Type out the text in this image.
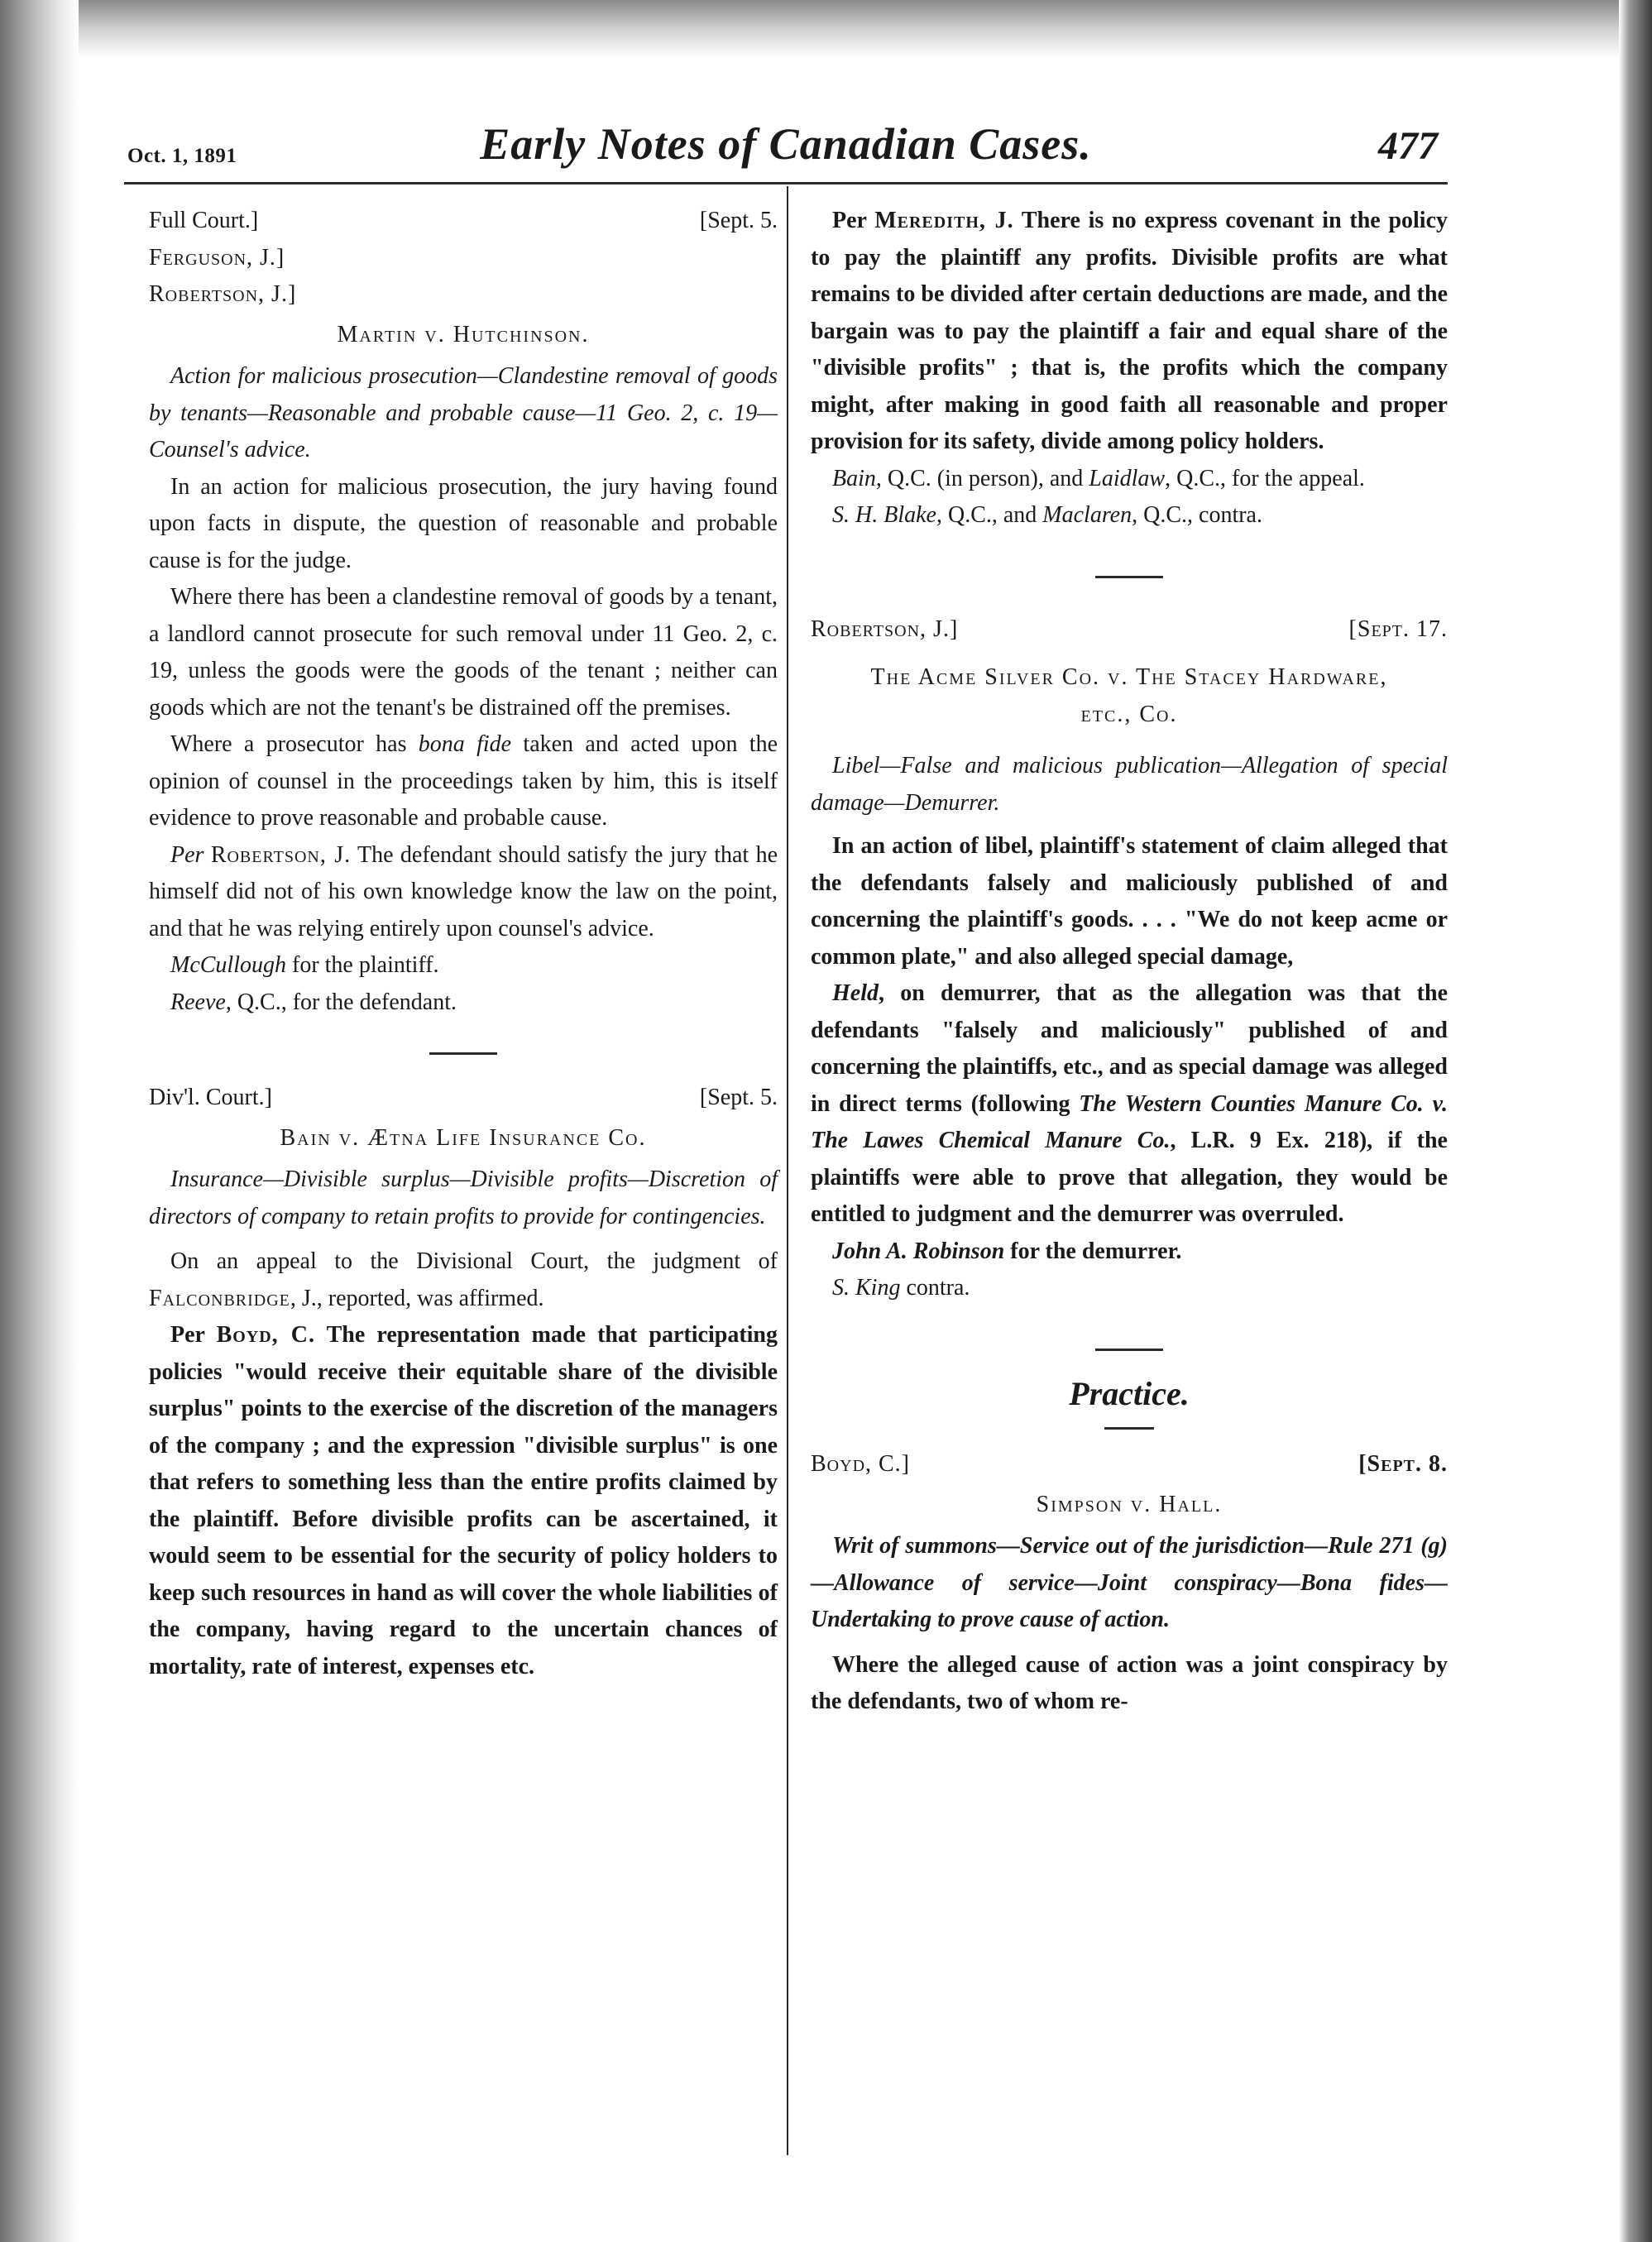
Oct. 1, 1891	Early Notes of Canadian Cases.	477
Full Court.]	[Sept. 5.
Ferguson, J.]
Robertson, J.]
Martin v. Hutchinson.

Action for malicious prosecution—Clandestine removal of goods by tenants—Reasonable and probable cause—11 Geo. 2, c. 19—Counsel's advice.

In an action for malicious prosecution, the jury having found upon facts in dispute, the question of reasonable and probable cause is for the judge.

Where there has been a clandestine removal of goods by a tenant, a landlord cannot prosecute for such removal under 11 Geo. 2, c. 19, unless the goods were the goods of the tenant ; neither can goods which are not the tenant's be distrained off the premises.

Where a prosecutor has bona fide taken and acted upon the opinion of counsel in the proceedings taken by him, this is itself evidence to prove reasonable and probable cause.

Per Robertson, J. The defendant should satisfy the jury that he himself did not of his own knowledge know the law on the point, and that he was relying entirely upon counsel's advice.

McCullough for the plaintiff.

Reeve, Q.C., for the defendant.

Div'l. Court.]	[Sept. 5.
Bain v. Ætna Life Insurance Co.

Insurance—Divisible surplus—Divisible profits—Discretion of directors of company to retain profits to provide for contingencies.

On an appeal to the Divisional Court, the judgment of Falconbridge, J., reported, was affirmed.

Per Boyd, C. The representation made that participating policies "would receive their equitable share of the divisible surplus" points to the exercise of the discretion of the managers of the company ; and the expression "divisible surplus" is one that refers to something less than the entire profits claimed by the plaintiff. Before divisible profits can be ascertained, it would seem to be essential for the security of policy holders to keep such resources in hand as will cover the whole liabilities of the company, having regard to the uncertain chances of mortality, rate of interest, expenses etc.

Per Meredith, J. There is no express covenant in the policy to pay the plaintiff any profits. Divisible profits are what remains to be divided after certain deductions are made, and the bargain was to pay the plaintiff a fair and equal share of the "divisible profits" ; that is, the profits which the company might, after making in good faith all reasonable and proper provision for its safety, divide among policy holders.

Bain, Q.C. (in person), and Laidlaw, Q.C., for the appeal.

S. H. Blake, Q.C., and Maclaren, Q.C., contra.

Robertson, J.]	[Sept. 17.
The Acme Silver Co. v. The Stacey Hardware, etc., Co.

Libel—False and malicious publication—Allegation of special damage—Demurrer.

In an action of libel, plaintiff's statement of claim alleged that the defendants falsely and maliciously published of and concerning the plaintiff's goods. . . . "We do not keep acme or common plate," and also alleged special damage,

Held, on demurrer, that as the allegation was that the defendants "falsely and maliciously" published of and concerning the plaintiffs, etc., and as special damage was alleged in direct terms (following The Western Counties Manure Co. v. The Lawes Chemical Manure Co., L.R. 9 Ex. 218), if the plaintiffs were able to prove that allegation, they would be entitled to judgment and the demurrer was overruled.

John A. Robinson for the demurrer.

S. King contra.

Practice.
Boyd, C.]	[Sept. 8.
Simpson v. Hall.

Writ of summons—Service out of the jurisdiction—Rule 271 (g)—Allowance of service—Joint conspiracy—Bona fides—Undertaking to prove cause of action.

Where the alleged cause of action was a joint conspiracy by the defendants, two of whom re-
